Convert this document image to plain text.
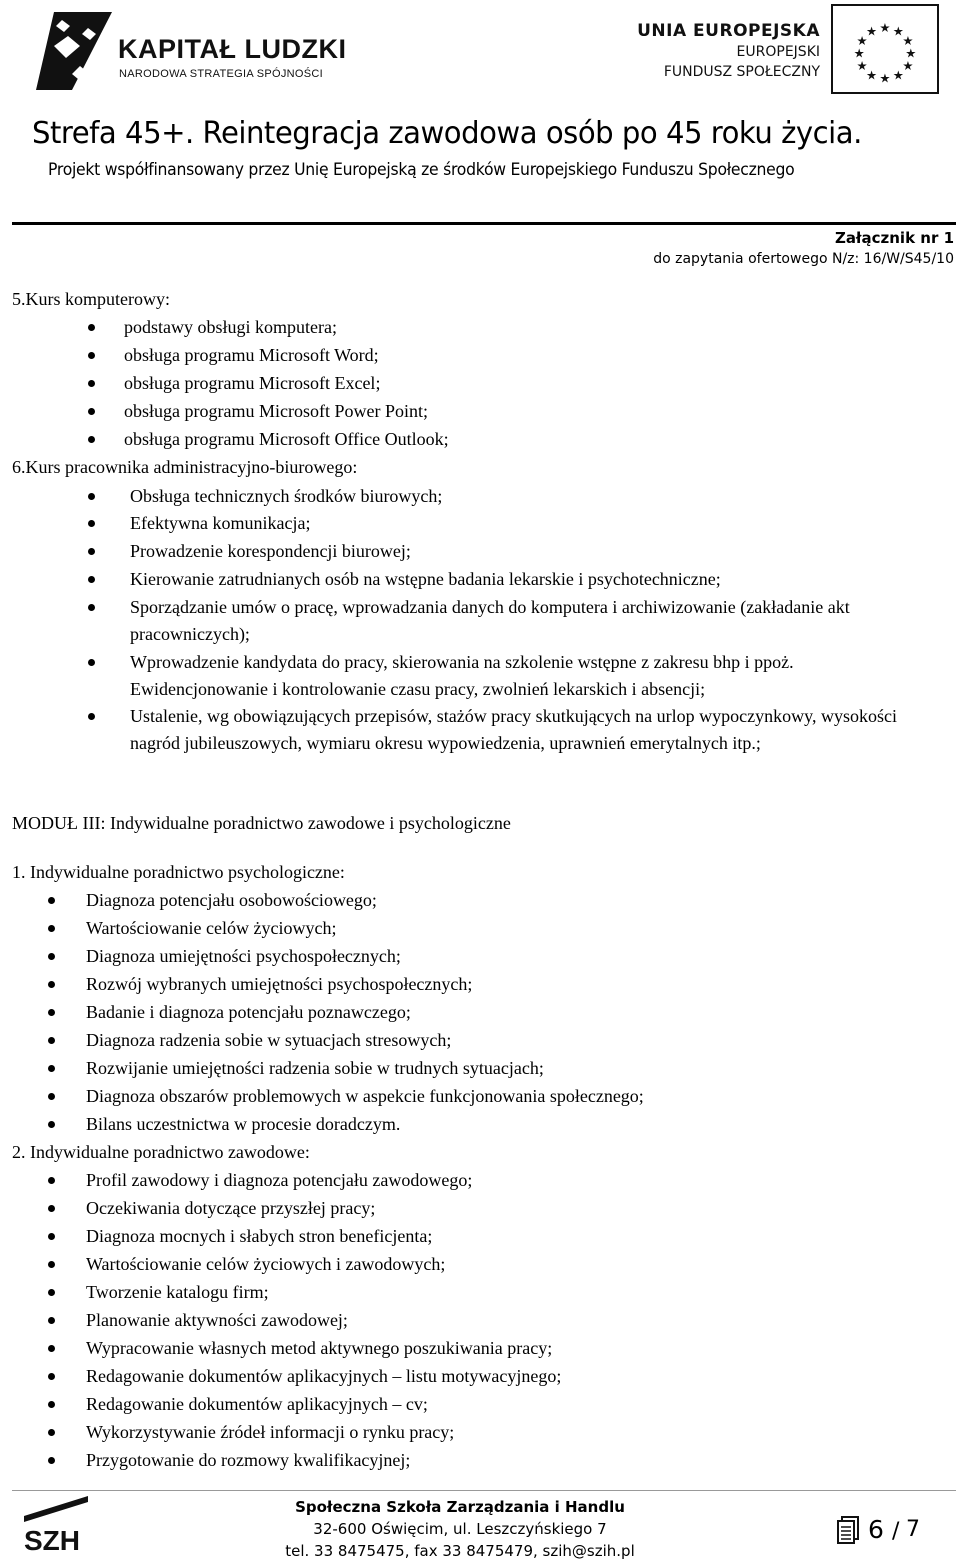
KAPITAŁ LUDZKI
NARODOWA STRATEGIA SPÓJNOŚCI
UNIA EUROPEJSKA
EUROPEJSKI
FUNDUSZ SPOŁECZNY
★ ★
★
★
★
★
★
★
★
★
★
★
Strefa 45+. Reintegracja zawodowa osób po 45 roku życia.
Projekt współfinansowany przez Unię Europejską ze środków Europejskiego Funduszu Społecznego
Załącznik nr 1
do zapytania ofertowego N/z: 16/W/S45/10
5.Kurs komputerowy:
podstawy obsługi komputera;
obsługa programu Microsoft Word;
obsługa programu Microsoft Excel;
obsługa programu Microsoft Power Point;
obsługa programu Microsoft Office Outlook;
6.Kurs pracownika administracyjno-biurowego:
Obsługa technicznych środków biurowych;
Efektywna komunikacja;
Prowadzenie korespondencji biurowej;
Kierowanie zatrudnianych osób na wstępne badania lekarskie i psychotechniczne;
Sporządzanie umów o pracę, wprowadzania danych do komputera i archiwizowanie (zakładanie akt pracowniczych);
Wprowadzenie kandydata do pracy, skierowania na szkolenie wstępne z zakresu bhp i ppoż. Ewidencjonowanie i kontrolowanie czasu pracy, zwolnień lekarskich i absencji;
Ustalenie, wg obowiązujących przepisów, stażów pracy skutkujących na urlop wypoczynkowy, wysokości nagród jubileuszowych, wymiaru okresu wypowiedzenia, uprawnień emerytalnych itp.;
MODUŁ III: Indywidualne poradnictwo zawodowe i psychologiczne
1. Indywidualne poradnictwo psychologiczne:
Diagnoza potencjału osobowościowego;
Wartościowanie celów życiowych;
Diagnoza umiejętności psychospołecznych;
Rozwój wybranych umiejętności psychospołecznych;
Badanie i diagnoza potencjału poznawczego;
Diagnoza radzenia sobie w sytuacjach stresowych;
Rozwijanie umiejętności radzenia sobie w trudnych sytuacjach;
Diagnoza obszarów problemowych w aspekcie funkcjonowania społecznego;
Bilans uczestnictwa w procesie doradczym.
2. Indywidualne poradnictwo zawodowe:
Profil zawodowy i diagnoza potencjału zawodowego;
Oczekiwania dotyczące przyszłej pracy;
Diagnoza mocnych i słabych stron beneficjenta;
Wartościowanie celów życiowych i zawodowych;
Tworzenie katalogu firm;
Planowanie aktywności zawodowej;
Wypracowanie własnych metod aktywnego poszukiwania pracy;
Redagowanie dokumentów aplikacyjnych – listu motywacyjnego;
Redagowanie dokumentów aplikacyjnych – cv;
Wykorzystywanie źródeł informacji o rynku pracy;
Przygotowanie do rozmowy kwalifikacyjnej;
SZH
Społeczna Szkoła Zarządzania i Handlu
32-600 Oświęcim, ul. Leszczyńskiego 7
tel. 33 8475475, fax 33 8475479, szih@szih.pl
6 / 7
